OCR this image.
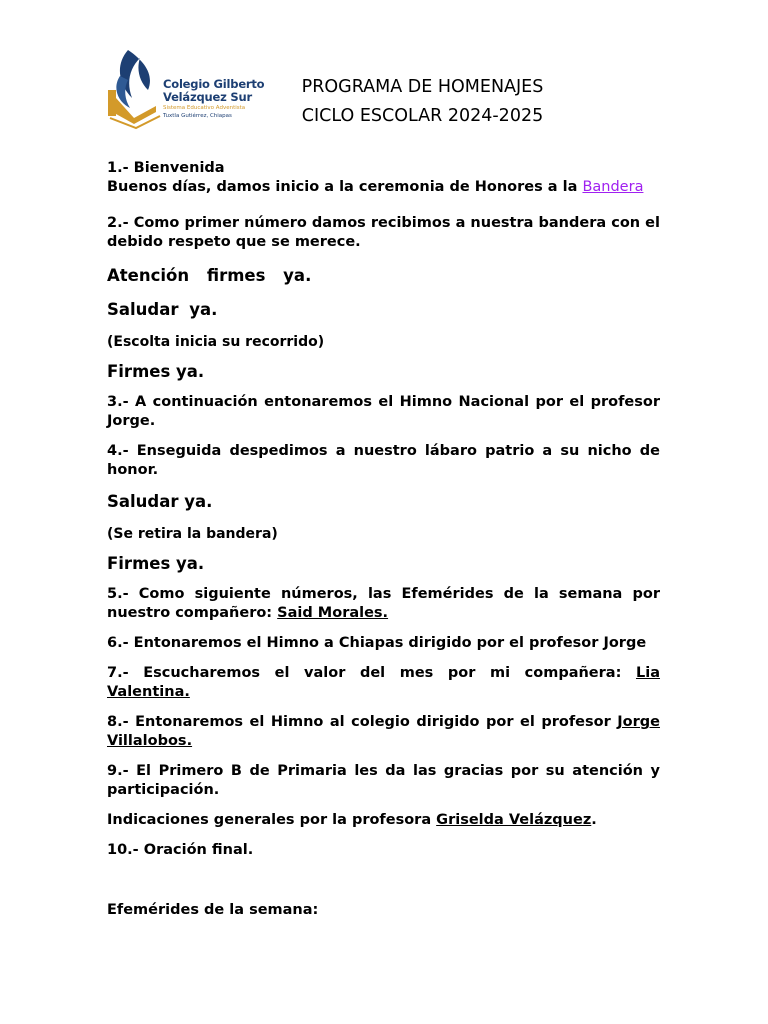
Colegio Gilberto
Velázquez Sur
Sistema Educativo Adventista
Tuxtla Gutiérrez, Chiapas
PROGRAMA DE HOMENAJES
CICLO ESCOLAR 2024-2025
1.- Bienvenida
Buenos días, damos inicio a la ceremonia de Honores a la Bandera
2.- Como primer número damos recibimos a nuestra bandera con el debido respeto que se merece.
Atención firmes ya.
Saludar ya.
(Escolta inicia su recorrido)
Firmes ya.
3.- A continuación entonaremos el Himno Nacional por el profesor Jorge.
4.- Enseguida despedimos a nuestro lábaro patrio a su nicho de honor.
Saludar ya.
(Se retira la bandera)
Firmes ya.
5.- Como siguiente números, las Efemérides de la semana por nuestro compañero: Said Morales.
6.- Entonaremos el Himno a Chiapas dirigido por el profesor Jorge
7.- Escucharemos el valor del mes por mi compañera: Lia Valentina.
8.- Entonaremos el Himno al colegio dirigido por el profesor Jorge Villalobos.
9.- El Primero B de Primaria les da las gracias por su atención y participación.
Indicaciones generales por la profesora Griselda Velázquez.
10.- Oración final.
Efemérides de la semana:
